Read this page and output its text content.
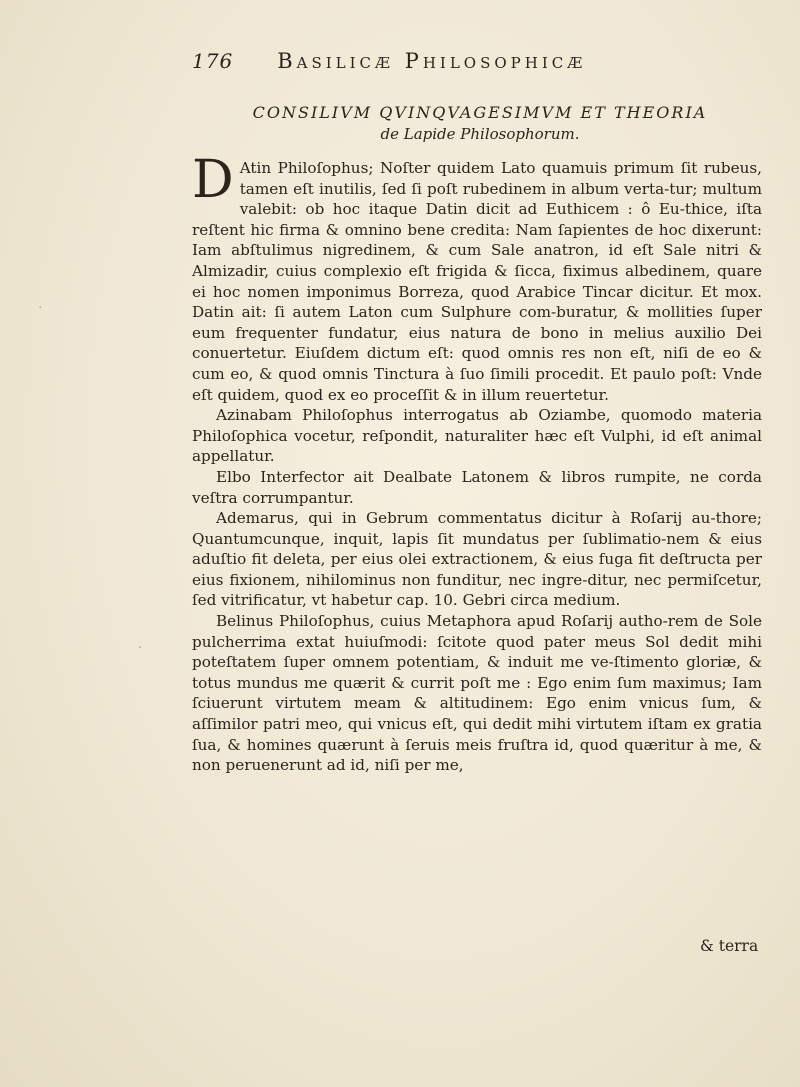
176 Basilicæ Philosophicæ
CONSILIVM QVINQVAGESIMVM ET THEORIA
de Lapide Philosophorum.

D Atin Philoſophus; Noſter quidem Lato quamuis primum ſit rubeus, tamen eſt inutilis, ſed ſi poſt rubedinem in album verta-tur; multum valebit: ob hoc itaque Datin dicit ad Euthicem : ô Eu-thice, iſta reſtent hic firma & omnino bene credita: Nam ſapientes de hoc dixerunt: Iam abſtulimus nigredinem, & cum Sale anatron, id eſt Sale nitri & Almizadir, cuius complexio eſt frigida & ſicca, fiximus albedinem, quare ei hoc nomen imponimus Borreza, quod Arabice Tincar dicitur. Et mox. Datin ait: ſi autem Laton cum Sulphure com-buratur, & mollities ſuper eum frequenter fundatur, eius natura de bono in melius auxilio Dei conuertetur. Eiuſdem dictum eſt: quod omnis res non eſt, niſi de eo & cum eo, & quod omnis Tinctura à ſuo ſimili procedit. Et paulo poſt: Vnde eſt quidem, quod ex eo proceſſit & in illum reuertetur.

Azinabam Philoſophus interrogatus ab Oziambe, quomodo materia Philoſophica vocetur, reſpondit, naturaliter hæc eſt Vulphi, id eſt animal appellatur.

Elbo Interfector ait Dealbate Latonem & libros rumpite, ne corda veſtra corrumpantur.

Ademarus, qui in Gebrum commentatus dicitur à Roſarij au-thore; Quantumcunque, inquit, lapis ſit mundatus per ſublimatio-nem & eius aduſtio fit deleta, per eius olei extractionem, & eius fuga fit deſtructa per eius fixionem, nihilominus non funditur, nec ingre-ditur, nec permiſcetur, ſed vitrificatur, vt habetur cap. 10. Gebri circa medium.

Belinus Philoſophus, cuius Metaphora apud Roſarij autho-rem de Sole pulcherrima extat huiuſmodi: ſcitote quod pater meus Sol dedit mihi poteſtatem ſuper omnem potentiam, & induit me ve-ſtimento gloriæ, & totus mundus me quærit & currit poſt me : Ego enim ſum maximus; Iam ſciuerunt virtutem meam & altitudinem: Ego enim vnicus ſum, & aſſimilor patri meo, qui vnicus eſt, qui dedit mihi virtutem iſtam ex gratia ſua, & homines quærunt à ſeruis meis fruſtra id, quod quæritur à me, & non peruenerunt ad id, niſi per me,

& terra
·
·
